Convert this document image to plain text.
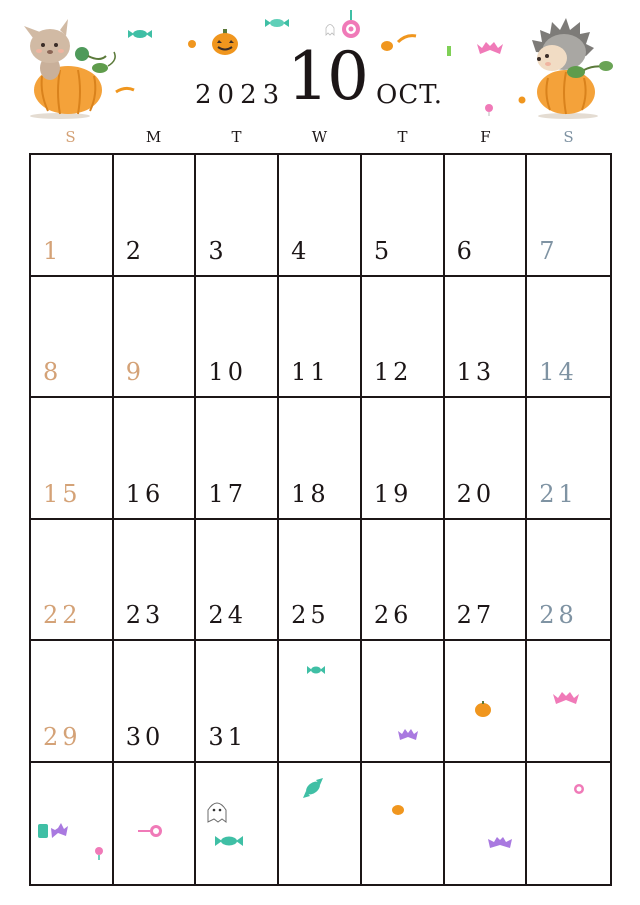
2023 10 OCT.
S	M	T	W	T	F	S
1	2	3	4	5	6	7
8	9	10 11 12 13 14
15 16 17 18 19 20 21
22 23 24 25 26 27 28
29 30 31
